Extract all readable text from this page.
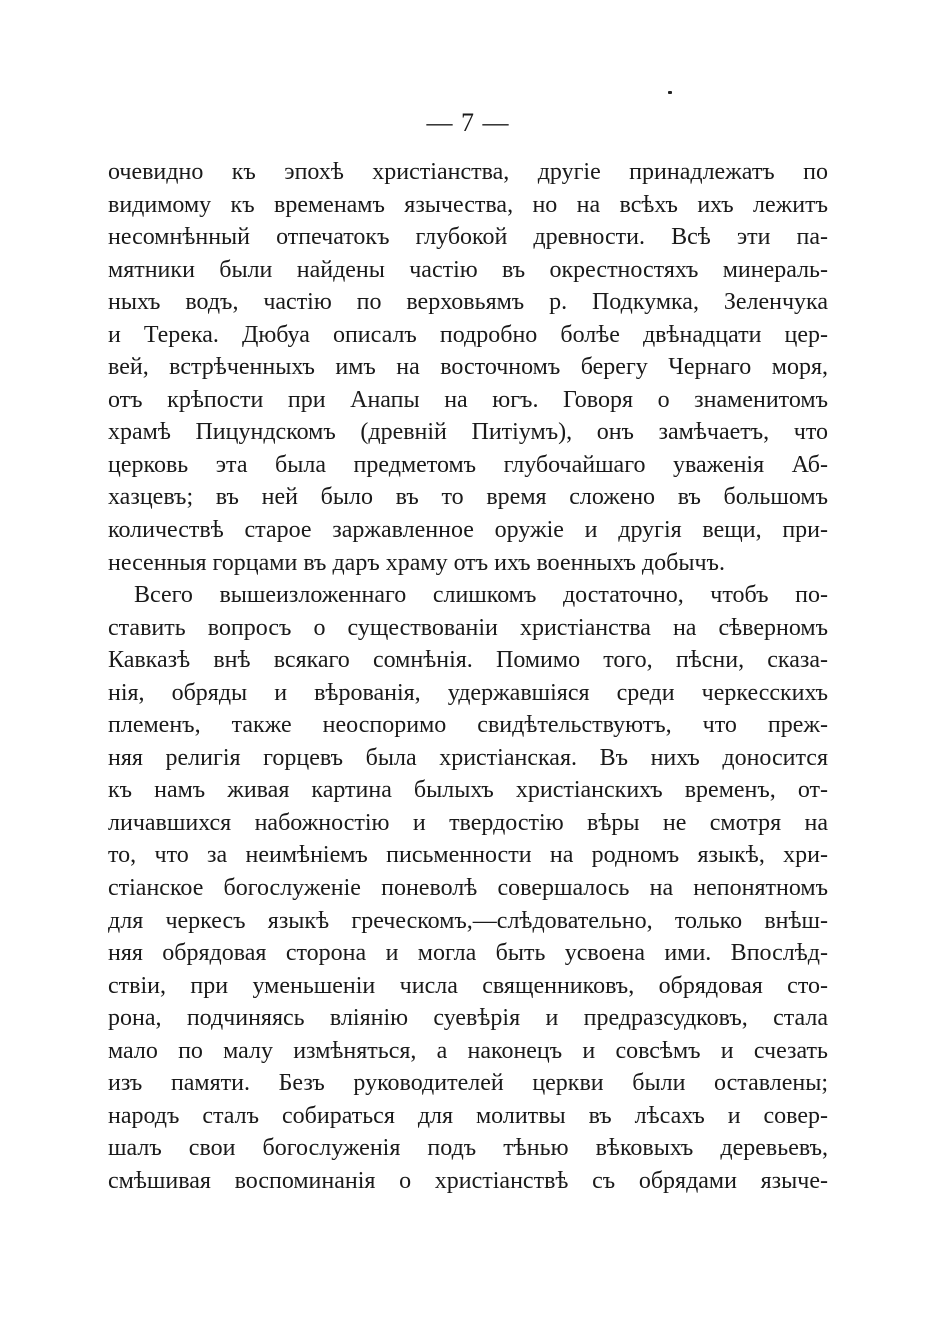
— 7 —
очевидно къ эпохѣ христіанства, другіе принадлежатъ по
видимому къ временамъ язычества, но на всѣхъ ихъ лежитъ
несомнѣнный отпечатокъ глубокой древности. Всѣ эти па-
мятники были найдены частію въ окрестностяхъ минераль-
ныхъ водъ, частію по верховьямъ р. Подкумка, Зеленчука
и Терека. Дюбуа описалъ подробно болѣе двѣнадцати цер-
вей, встрѣченныхъ имъ на восточномъ берегу Чернаго моря,
отъ крѣпости при Анапы на югъ. Говоря о знаменитомъ
храмѣ Пицундскомъ (древній Питіумъ), онъ замѣчаетъ, что
церковь эта была предметомъ глубочайшаго уваженія Аб-
хазцевъ; въ ней было въ то время сложено въ большомъ
количествѣ старое заржавленное оружіе и другія вещи, при-
несенныя горцами въ даръ храму отъ ихъ военныхъ добычъ.
Всего вышеизложеннаго слишкомъ достаточно, чтобъ по-
ставить вопросъ о существованіи христіанства на сѣверномъ
Кавказѣ внѣ всякаго сомнѣнія. Помимо того, пѣсни, сказа-
нія, обряды и вѣрованія, удержавшіяся среди черкесскихъ
племенъ, также неоспоримо свидѣтельствуютъ, что преж-
няя религія горцевъ была христіанская. Въ нихъ доносится
къ намъ живая картина былыхъ христіанскихъ временъ, от-
личавшихся набожностію и твердостію вѣры не смотря на
то, что за неимѣніемъ письменности на родномъ языкѣ, хри-
стіанское богослуженіе поневолѣ совершалось на непонятномъ
для черкесъ языкѣ греческомъ,—слѣдовательно, только внѣш-
няя обрядовая сторона и могла быть усвоена ими. Впослѣд-
ствіи, при уменьшеніи числа священниковъ, обрядовая сто-
рона, подчиняясь вліянію суевѣрія и предразсудковъ, стала
мало по малу измѣняться, а наконецъ и совсѣмъ и счезать
изъ памяти. Безъ руководителей церкви были оставлены;
народъ сталъ собираться для молитвы въ лѣсахъ и совер-
шалъ свои богослуженія подъ тѣнью вѣковыхъ деревьевъ,
смѣшивая воспоминанія о христіанствѣ съ обрядами язычe-
